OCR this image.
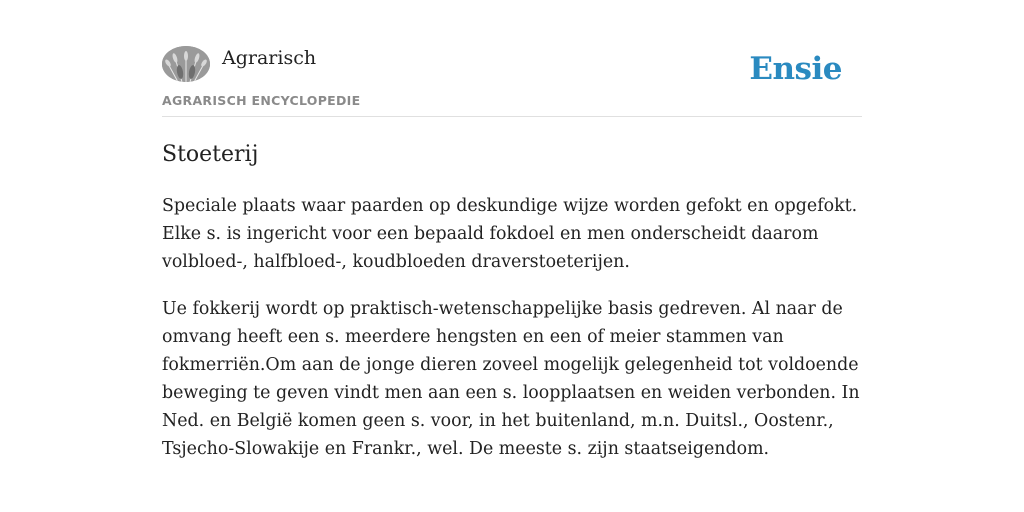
Agrarisch
AGRARISCH ENCYCLOPEDIE
Ensie
Stoeterij

Speciale plaats waar paarden op deskundige wijze worden gefokt en opgefokt. Elke s. is ingericht voor een bepaald fokdoel en men onderscheidt daarom volbloed-, halfbloed-, koudbloeden draverstoeterijen.

Ue fokkerij wordt op praktisch-wetenschappelijke basis gedreven. Al naar de omvang heeft een s. meerdere hengsten en een of meier stammen van fokmerriën.Om aan de jonge dieren zoveel mogelijk gelegenheid tot voldoende beweging te geven vindt men aan een s. loopplaatsen en weiden verbonden. In Ned. en België komen geen s. voor, in het buitenland, m.n. Duitsl., Oostenr., Tsjecho-Slowakije en Frankr., wel. De meeste s. zijn staatseigendom.
